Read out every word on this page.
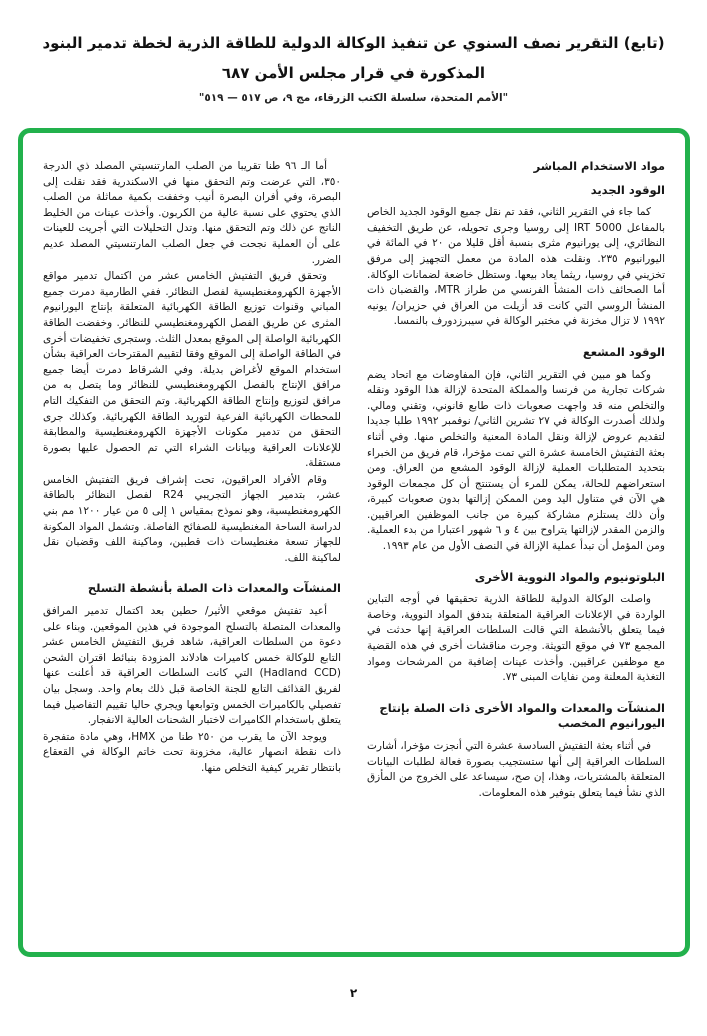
(تابع) التقرير نصف السنوي عن تنفيذ الوكالة الدولية للطاقة الذرية لخطة تدمير البنود
المذكورة في قرار مجلس الأمن ٦٨٧
"الأمم المتحدة، سلسلة الكتب الزرقاء، مج ٩، ص ٥١٧ — ٥١٩"
مواد الاستخدام المباشر
الوقود الجديد

كما جاء في التقرير الثاني، فقد تم نقل جميع الوقود الجديد الخاص بالمفاعل IRT 5000 إلى روسيا وجرى تحويله، عن طريق التخفيف النظائري، إلى يورانيوم مثرى بنسبة أقل قليلا من ٢٠ في المائة في اليورانيوم ٢٣٥. ونقلت هذه المادة من معمل التجهيز إلى مرفق تخزيني في روسيا، ريثما يعاد بيعها. وستظل خاضعة لضمانات الوكالة. أما الصحائف ذات المنشأ الفرنسي من طراز MTR، والقضبان ذات المنشأ الروسي التي كانت قد أزيلت من العراق في حزيران/ يونيه ١٩٩٢ لا تزال مخزنة في مختبر الوكالة في سيبرزدورف بالنمسا.

الوقود المشعع

وكما هو مبين في التقرير الثاني، فإن المفاوضات مع اتحاد يضم شركات تجارية من فرنسا والمملكة المتحدة لإزالة هذا الوقود ونقله والتخلص منه قد واجهت صعوبات ذات طابع قانوني، وتقني ومالي. ولذلك أصدرت الوكالة في ٢٧ تشرين الثاني/ نوفمبر ١٩٩٢ طلبا جديدا لتقديم عروض لإزالة ونقل المادة المعنية والتخلص منها. وفي أثناء بعثة التفتيش الخامسة عشرة التي تمت مؤخرا، قام فريق من الخبراء بتحديد المتطلبات العملية لإزالة الوقود المشعع من العراق. ومن استعراضهم للحالة، يمكن للمرء أن يستنتج أن كل مجمعات الوقود هي الآن في متناول اليد ومن الممكن إزالتها بدون صعوبات كبيرة، وأن ذلك يستلزم مشاركة كبيرة من جانب الموظفين العراقيين. والزمن المقدر لإزالتها يتراوح بين ٤ و ٦ شهور اعتبارا من بدء العملية. ومن المؤمل أن تبدأ عملية الإزالة في النصف الأول من عام ١٩٩٣.

البلوتونيوم والمواد النووية الأخرى

واصلت الوكالة الدولية للطاقة الذرية تحقيقها في أوجه التباين الواردة في الإعلانات العراقية المتعلقة بتدفق المواد النووية، وخاصة فيما يتعلق بالأنشطة التي قالت السلطات العراقية إنها حدثت في المجمع ٧٣ في موقع التويثة. وجرت مناقشات أخرى في هذه القضية مع موظفين عراقيين. وأخذت عينات إضافية من المرشحات ومواد التغذية المعلنة ومن نفايات المبنى ٧٣.

المنشآت والمعدات والمواد الأخرى ذات الصلة بإنتاج اليورانيوم المخصب

في أثناء بعثة التفتيش السادسة عشرة التي أنجزت مؤخرا، أشارت السلطات العراقية إلى أنها ستستجيب بصورة فعالة لطلبات البيانات المتعلقة بالمشتريات، وهذا، إن صح، سيساعد على الخروج من المأزق الذي نشأ فيما يتعلق بتوفير هذه المعلومات.

أما الـ ٩٦ طنا تقريبا من الصلب المارتنسيتي المصلد ذي الدرجة ٣٥٠، التي عرضت وتم التحقق منها في الاسكندرية فقد نقلت إلى البصرة، وفي أفران البصرة أنيب وخففت بكمية مماثلة من الصلب الذي يحتوي على نسبة عالية من الكربون. وأخذت عينات من الخليط الناتج عن ذلك وتم التحقق منها. وتدل التحليلات التي أجريت للعينات على أن العملية نجحت في جعل الصلب المارتنسيتي المصلد عديم الضرر.

وتحقق فريق التفتيش الخامس عشر من اكتمال تدمير مواقع الأجهزة الكهرومغنطيسية لفصل النظائر. ففي الطارمية دمرت جميع المباني وقنوات توزيع الطاقة الكهربائية المتعلقة بإنتاج اليورانيوم المثرى عن طريق الفصل الكهرومغنطيسي للنظائر. وخفضت الطاقة الكهربائية الواصلة إلى الموقع بمعدل الثلث. وستجرى تخفيضات أخرى في الطاقة الواصلة إلى الموقع وفقا لتقييم المقترحات العراقية بشأن استخدام الموقع لأغراض بديلة. وفي الشرقاط دمرت أيضا جميع مرافق الإنتاج بالفصل الكهرومغنطيسي للنظائر وما يتصل به من مرافق لتوزيع وإنتاج الطاقة الكهربائية. وتم التحقق من التفكيك التام للمحطات الكهربائية الفرعية لتوريد الطاقة الكهربائية. وكذلك جرى التحقق من تدمير مكونات الأجهزة الكهرومغنطيسية والمطابقة للإعلانات العراقية وبيانات الشراء التي تم الحصول عليها بصورة مستقلة.

وقام الأفراد العراقيون، تحت إشراف فريق التفتيش الخامس عشر، بتدمير الجهاز التجريبي R24 لفصل النظائر بالطاقة الكهرومغنطيسية، وهو نموذج بمقياس ١ إلى ٥ من عيار ١٢٠٠ مم بني لدراسة الساحة المغنطيسية للصفائح الفاصلة. وتشمل المواد المكونة للجهاز تسعة مغنطيسات ذات قطبين، وماكينة اللف وقضبان نقل لماكينة اللف.

المنشآت والمعدات ذات الصلة بأنشطة التسلح

أعيد تفتيش موقعي الأثير/ حطين بعد اكتمال تدمير المرافق والمعدات المتصلة بالتسلح الموجودة في هذين الموقعين. وبناء على دعوة من السلطات العراقية، شاهد فريق التفتيش الخامس عشر التابع للوكالة خمس كاميرات هادلاند المزودة بنبائط اقتران الشحن (Hadland CCD) التي كانت السلطات العراقية قد أعلنت عنها لفريق القذائف التابع للجنة الخاصة قبل ذلك بعام واحد. وسجل بيان تفصيلي بالكاميرات الخمس وتوابعها ويجري حاليا تقييم التفاصيل فيما يتعلق باستخدام الكاميرات لاختبار الشحنات العالية الانفجار.

ويوجد الآن ما يقرب من ٢٥٠ طنا من HMX، وهي مادة متفجرة ذات نقطة انصهار عالية، مخزونة تحت خاتم الوكالة في القعقاع بانتظار تقرير كيفية التخلص منها.

٢
